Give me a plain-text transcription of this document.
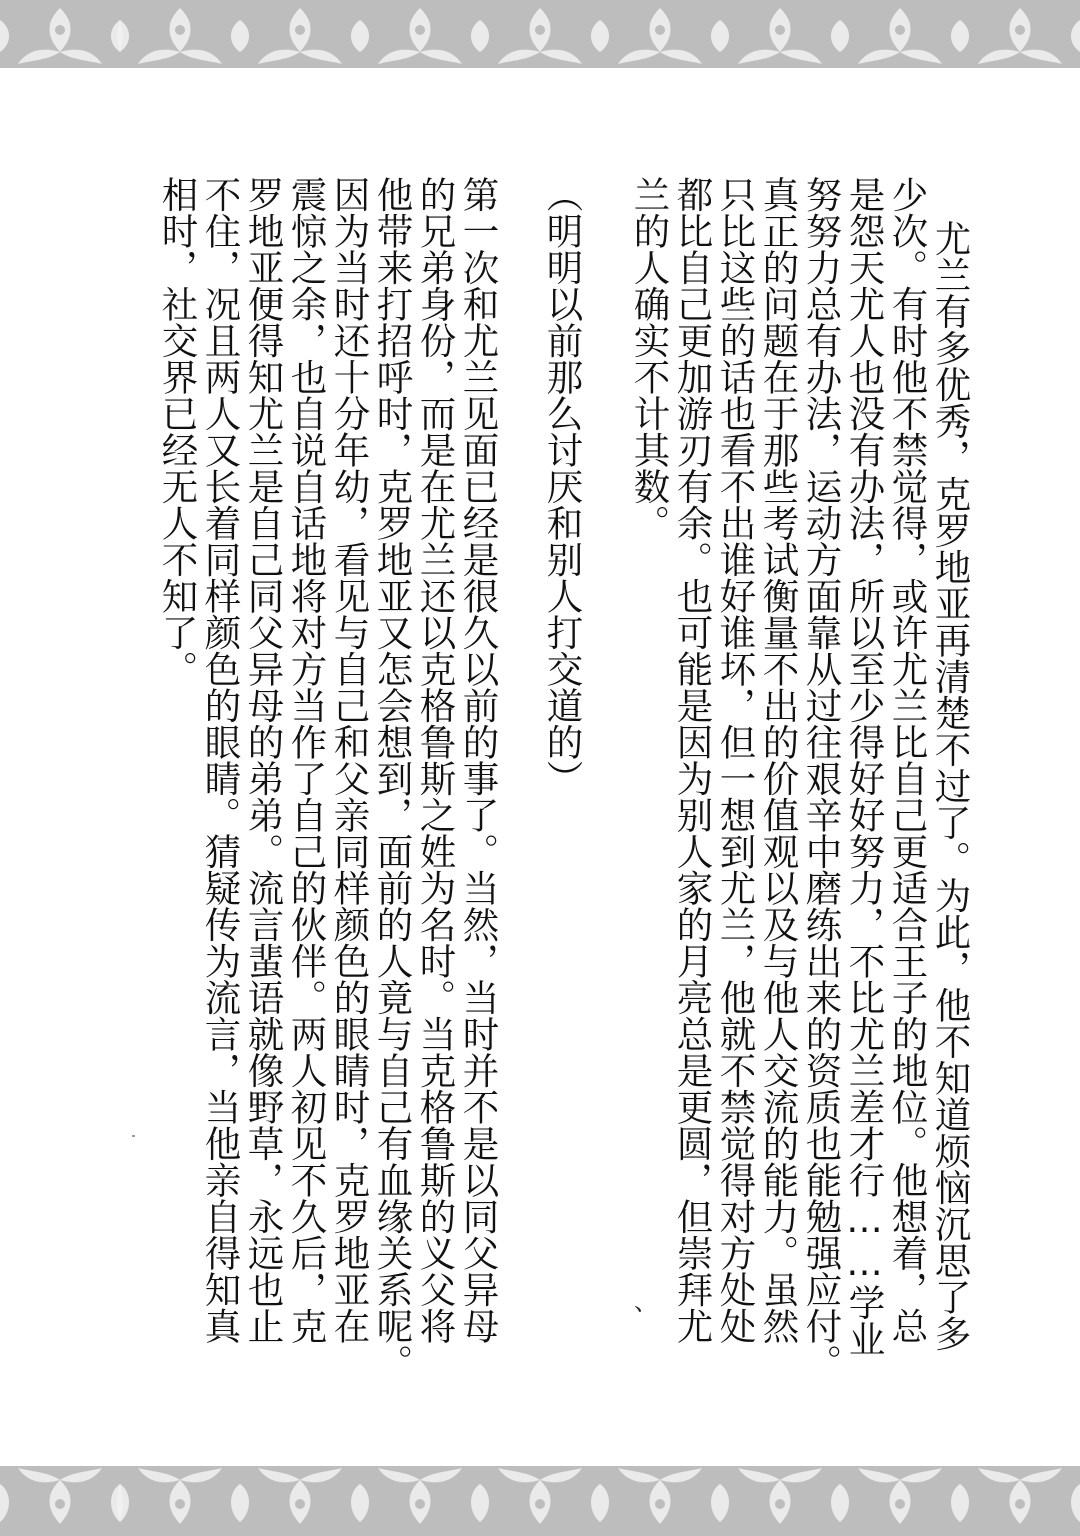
尤兰有多优秀，克罗地亚再清楚不过了。为此，他不知道烦恼沉思了多

少次。有时他不禁觉得，或许尤兰比自己更适合王子的地位。他想着，总

是怨天尤人也没有办法，所以至少得好好努力，不比尤兰差才行……学业

努努力总有办法，运动方面靠从过往艰辛中磨练出来的资质也能勉强应付。

真正的问题在于那些考试衡量不出的价值观以及与他人交流的能力。虽然

只比这些的话也看不出谁好谁坏，但一想到尤兰，他就不禁觉得对方处处

都比自己更加游刃有余。也可能是因为别人家的月亮总是更圆，但崇拜尤

兰的人确实不计其数。

、

（明明以前那么讨厌和别人打交道的）

第一次和尤兰见面已经是很久以前的事了。当然，当时并不是以同父异母

的兄弟身份，而是在尤兰还以克格鲁斯之姓为名时。当克格鲁斯的义父将

他带来打招呼时，克罗地亚又怎会想到，面前的人竟与自己有血缘关系呢。

因为当时还十分年幼，看见与自己和父亲同样颜色的眼睛时，克罗地亚在

震惊之余，也自说自话地将对方当作了自己的伙伴。两人初见不久后，克

罗地亚便得知尤兰是自己同父异母的弟弟。流言蜚语就像野草，永远也止

不住，况且两人又长着同样颜色的眼睛。猜疑传为流言，当他亲自得知真

相时，社交界已经无人不知了。
